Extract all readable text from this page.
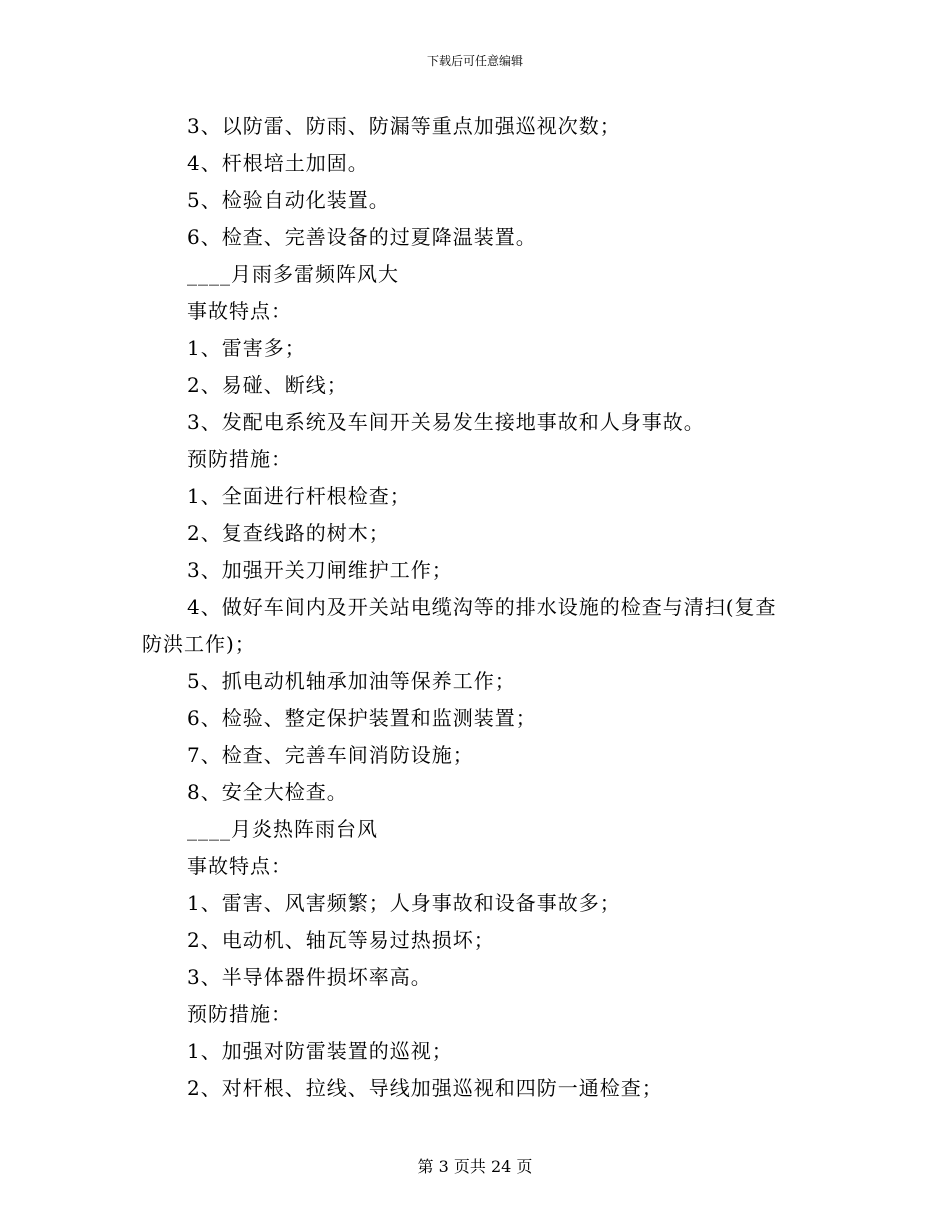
下载后可任意编辑
3、以防雷、防雨、防漏等重点加强巡视次数；
4、杆根培土加固。
5、检验自动化装置。
6、检查、完善设备的过夏降温装置。
____月雨多雷频阵风大
事故特点：
1、雷害多；
2、易碰、断线；
3、发配电系统及车间开关易发生接地事故和人身事故。
预防措施：
1、全面进行杆根检查；
2、复查线路的树木；
3、加强开关刀闸维护工作；
4、做好车间内及开关站电缆沟等的排水设施的检查与清扫(复查
防洪工作)；
5、抓电动机轴承加油等保养工作；
6、检验、整定保护装置和监测装置；
7、检查、完善车间消防设施；
8、安全大检查。
____月炎热阵雨台风
事故特点：
1、雷害、风害频繁；人身事故和设备事故多；
2、电动机、轴瓦等易过热损坏；
3、半导体器件损坏率高。
预防措施：
1、加强对防雷装置的巡视；
2、对杆根、拉线、导线加强巡视和四防一通检查；
第 3 页共 24 页
